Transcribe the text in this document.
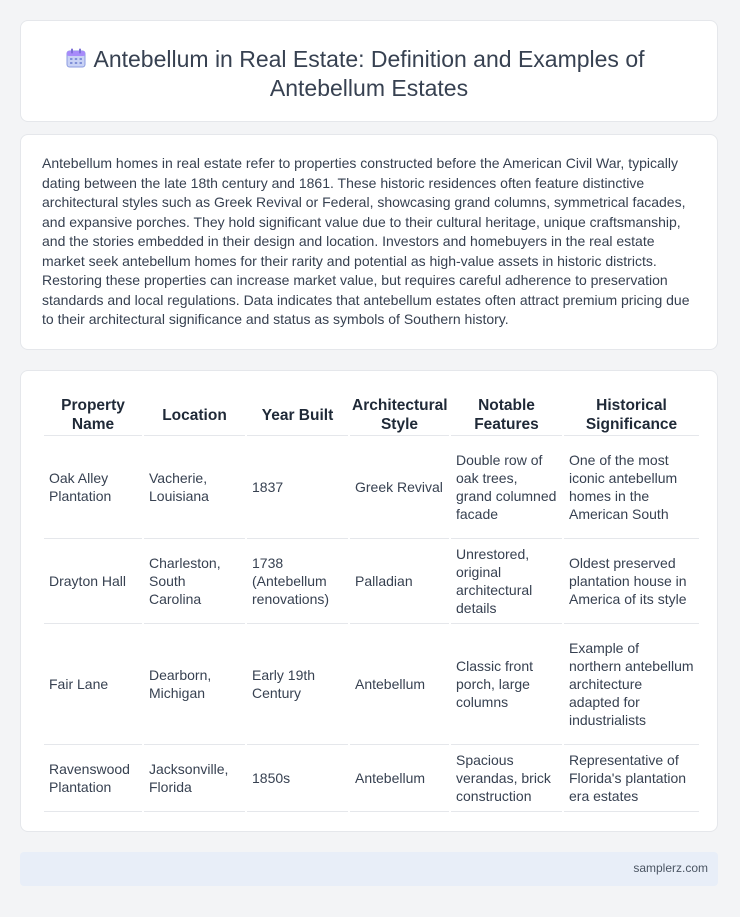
Antebellum in Real Estate: Definition and Examples of Antebellum Estates

Antebellum homes in real estate refer to properties constructed before the American Civil War, typically dating between the late 18th century and 1861. These historic residences often feature distinctive architectural styles such as Greek Revival or Federal, showcasing grand columns, symmetrical facades, and expansive porches. They hold significant value due to their cultural heritage, unique craftsmanship, and the stories embedded in their design and location. Investors and homebuyers in the real estate market seek antebellum homes for their rarity and potential as high-value assets in historic districts. Restoring these properties can increase market value, but requires careful adherence to preservation standards and local regulations. Data indicates that antebellum estates often attract premium pricing due to their architectural significance and status as symbols of Southern history.

Property Name	Location	Year Built	Architectural Style	Notable Features	Historical Significance
Oak Alley Plantation	Vacherie, Louisiana	1837	Greek Revival	Double row of oak trees, grand columned facade	One of the most iconic antebellum homes in the American South
Drayton Hall	Charleston, South Carolina	1738 (Antebellum renovations)	Palladian	Unrestored, original architectural details	Oldest preserved plantation house in America of its style
Fair Lane	Dearborn, Michigan	Early 19th Century	Antebellum	Classic front porch, large columns	Example of northern antebellum architecture adapted for industrialists
Ravenswood Plantation	Jacksonville, Florida	1850s	Antebellum	Spacious verandas, brick construction	Representative of Florida's plantation era estates
samplerz.com
